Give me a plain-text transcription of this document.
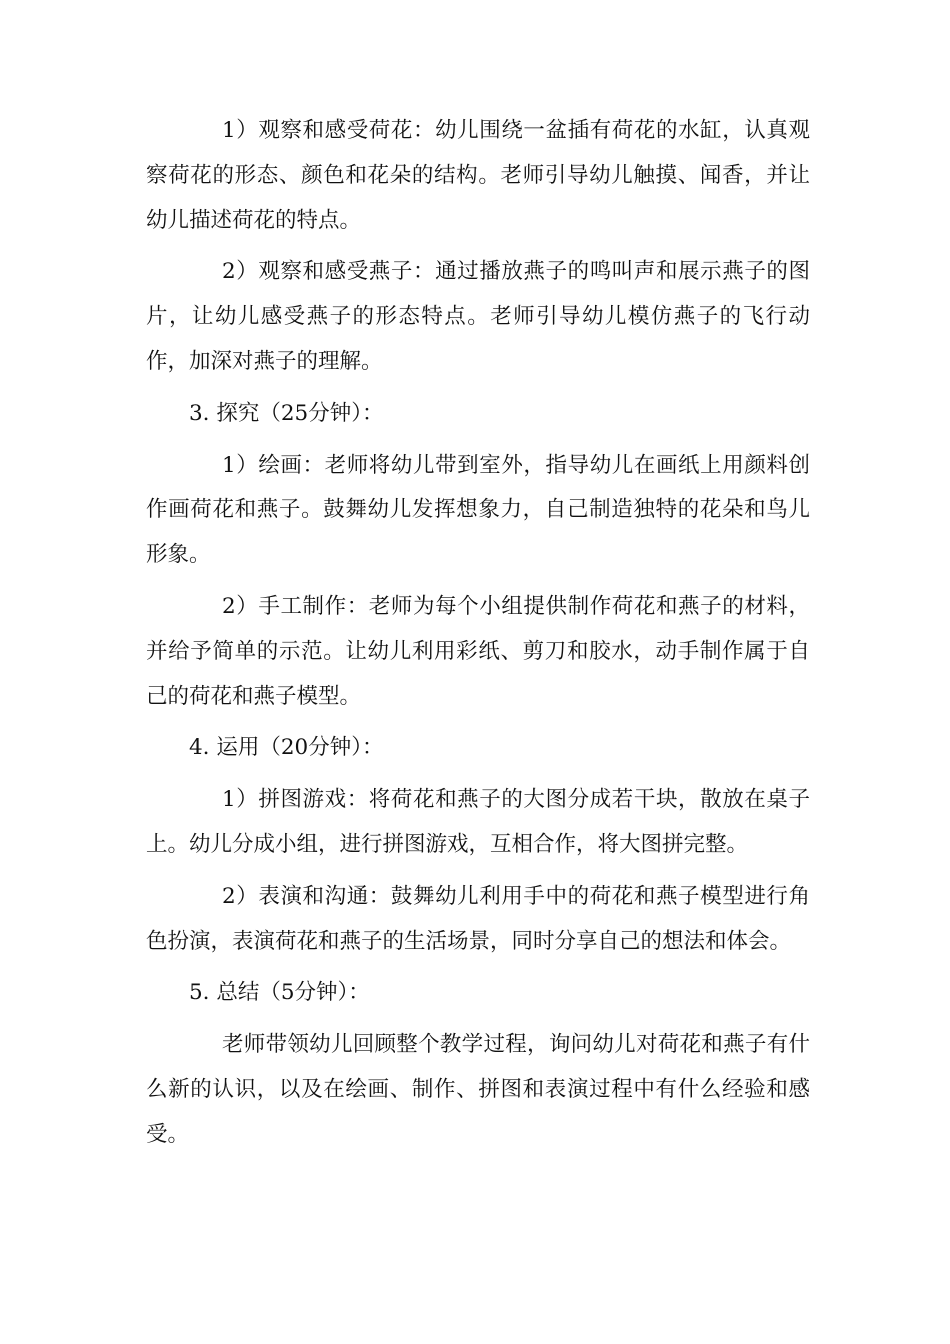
1）观察和感受荷花：幼儿围绕一盆插有荷花的水缸，认真观察荷花的形态、颜色和花朵的结构。老师引导幼儿触摸、闻香，并让幼儿描述荷花的特点。

2）观察和感受燕子：通过播放燕子的鸣叫声和展示燕子的图片，让幼儿感受燕子的形态特点。老师引导幼儿模仿燕子的飞行动作，加深对燕子的理解。

3. 探究（25分钟）：

1）绘画：老师将幼儿带到室外，指导幼儿在画纸上用颜料创作画荷花和燕子。鼓舞幼儿发挥想象力，自己制造独特的花朵和鸟儿形象。

2）手工制作：老师为每个小组提供制作荷花和燕子的材料，并给予简单的示范。让幼儿利用彩纸、剪刀和胶水，动手制作属于自己的荷花和燕子模型。

4. 运用（20分钟）：

1）拼图游戏：将荷花和燕子的大图分成若干块，散放在桌子上。幼儿分成小组，进行拼图游戏，互相合作，将大图拼完整。

2）表演和沟通：鼓舞幼儿利用手中的荷花和燕子模型进行角色扮演，表演荷花和燕子的生活场景，同时分享自己的想法和体会。

5. 总结（5分钟）：

老师带领幼儿回顾整个教学过程，询问幼儿对荷花和燕子有什么新的认识，以及在绘画、制作、拼图和表演过程中有什么经验和感受。
